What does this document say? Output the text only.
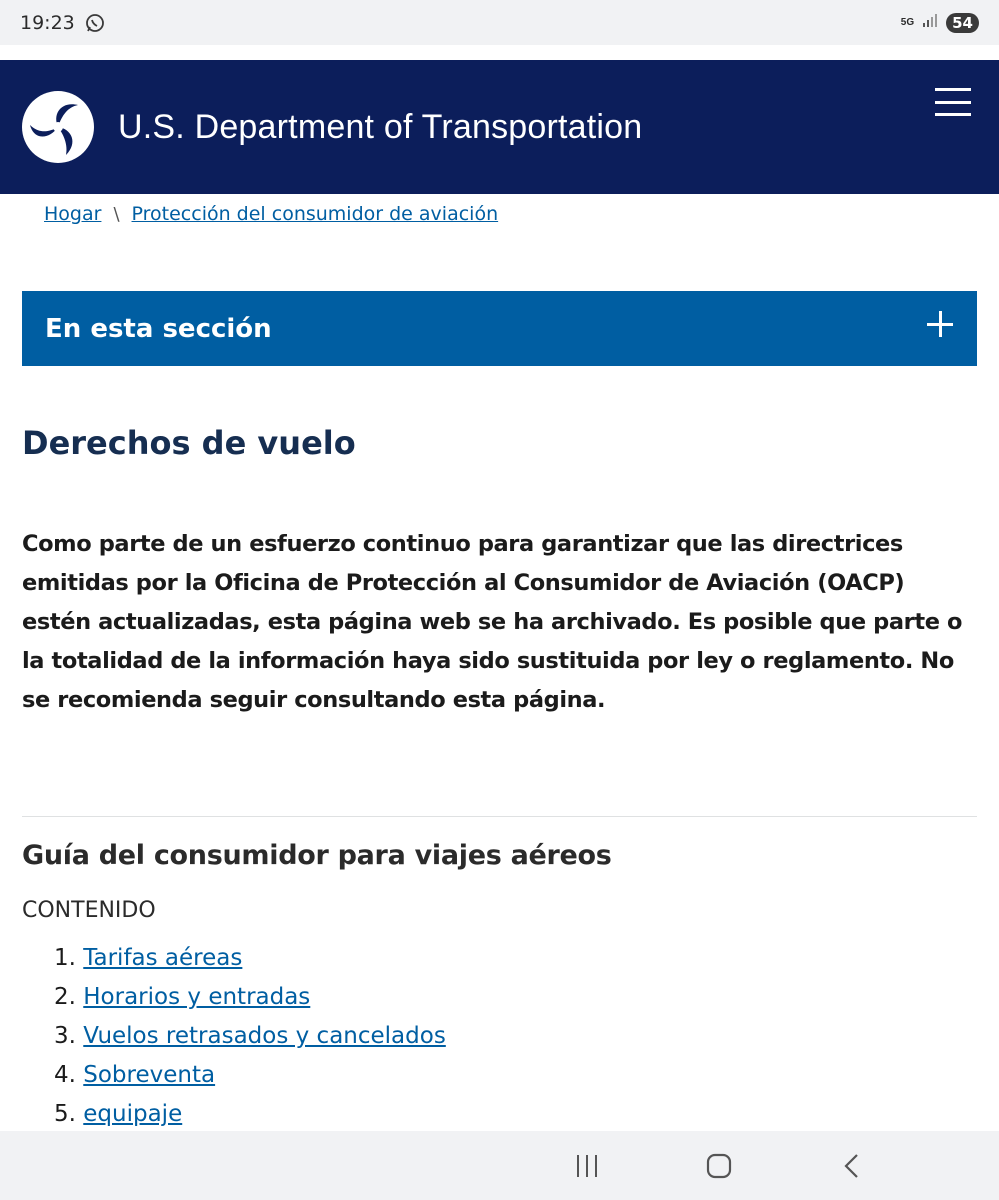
19:23	5G	54
U.S. Department of Transportation
Hogar \ Protección del consumidor de aviación
En esta sección
Derechos de vuelo

Como parte de un esfuerzo continuo para garantizar que las directrices emitidas por la Oficina de Protección al Consumidor de Aviación (OACP) estén actualizadas, esta página web se ha archivado. Es posible que parte o la totalidad de la información haya sido sustituida por ley o reglamento. No se recomienda seguir consultando esta página.

Guía del consumidor para viajes aéreos
CONTENIDO
1. Tarifas aéreas
2. Horarios y entradas
3. Vuelos retrasados y cancelados
4. Sobreventa
5. equipaje
